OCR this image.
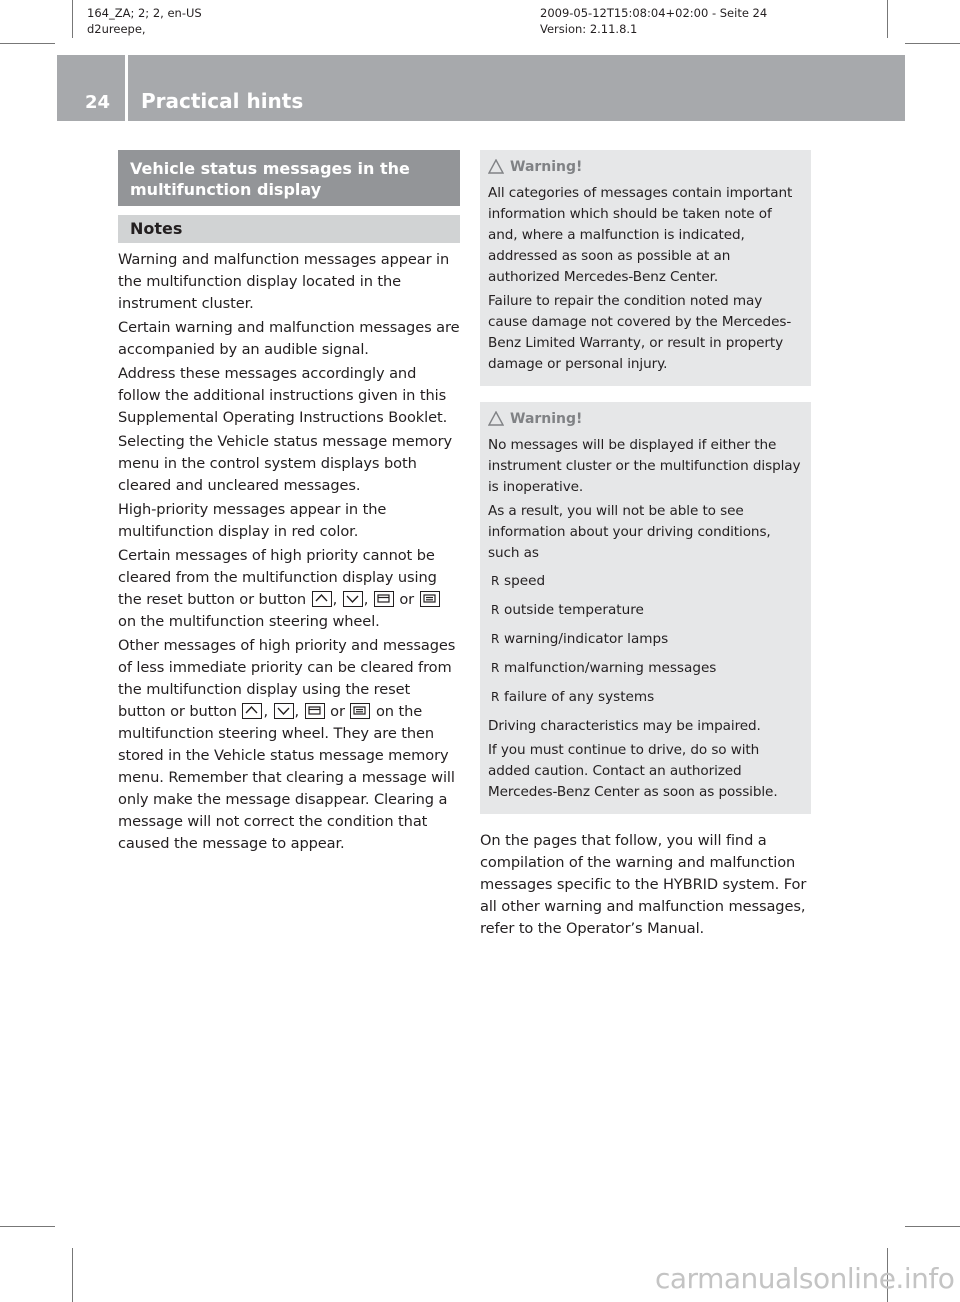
164_ZA; 2; 2, en-US
d2ureepe,
2009-05-12T15:08:04+02:00 - Seite 24
Version: 2.11.8.1
24 Practical hints
Vehicle status messages in the multifunction display
Notes

Warning and malfunction messages appear in the multifunction display located in the instrument cluster.

Certain warning and malfunction messages are accompanied by an audible signal.

Address these messages accordingly and follow the additional instructions given in this Supplemental Operating Instructions Booklet.

Selecting the Vehicle status message memory menu in the control system displays both cleared and uncleared messages.

High-priority messages appear in the multifunction display in red color.

Certain messages of high priority cannot be cleared from the multifunction display using the reset button or button ,
,
or
on the multifunction steering wheel.

Other messages of high priority and messages of less immediate priority can be cleared from the multifunction display using the reset button or button ,
,
or on the multifunction steering wheel. They are then stored in the Vehicle status message memory menu. Remember that clearing a message will only make the message disappear. Clearing a message will not correct the condition that caused the message to appear.

Warning!

All categories of messages contain important information which should be taken note of and, where a malfunction is indicated, addressed as soon as possible at an authorized Mercedes-Benz Center.

Failure to repair the condition noted may cause damage not covered by the Mercedes-Benz Limited Warranty, or result in property damage or personal injury.

Warning!

No messages will be displayed if either the instrument cluster or the multifunction display is inoperative.

As a result, you will not be able to see information about your driving conditions, such as

R speed
R outside temperature
R warning/indicator lamps
R malfunction/warning messages
R failure of any systems

Driving characteristics may be impaired.

If you must continue to drive, do so with added caution. Contact an authorized Mercedes-Benz Center as soon as possible.

On the pages that follow, you will find a compilation of the warning and malfunction messages specific to the HYBRID system. For all other warning and malfunction messages, refer to the Operator’s Manual.

carmanualsonline.info
